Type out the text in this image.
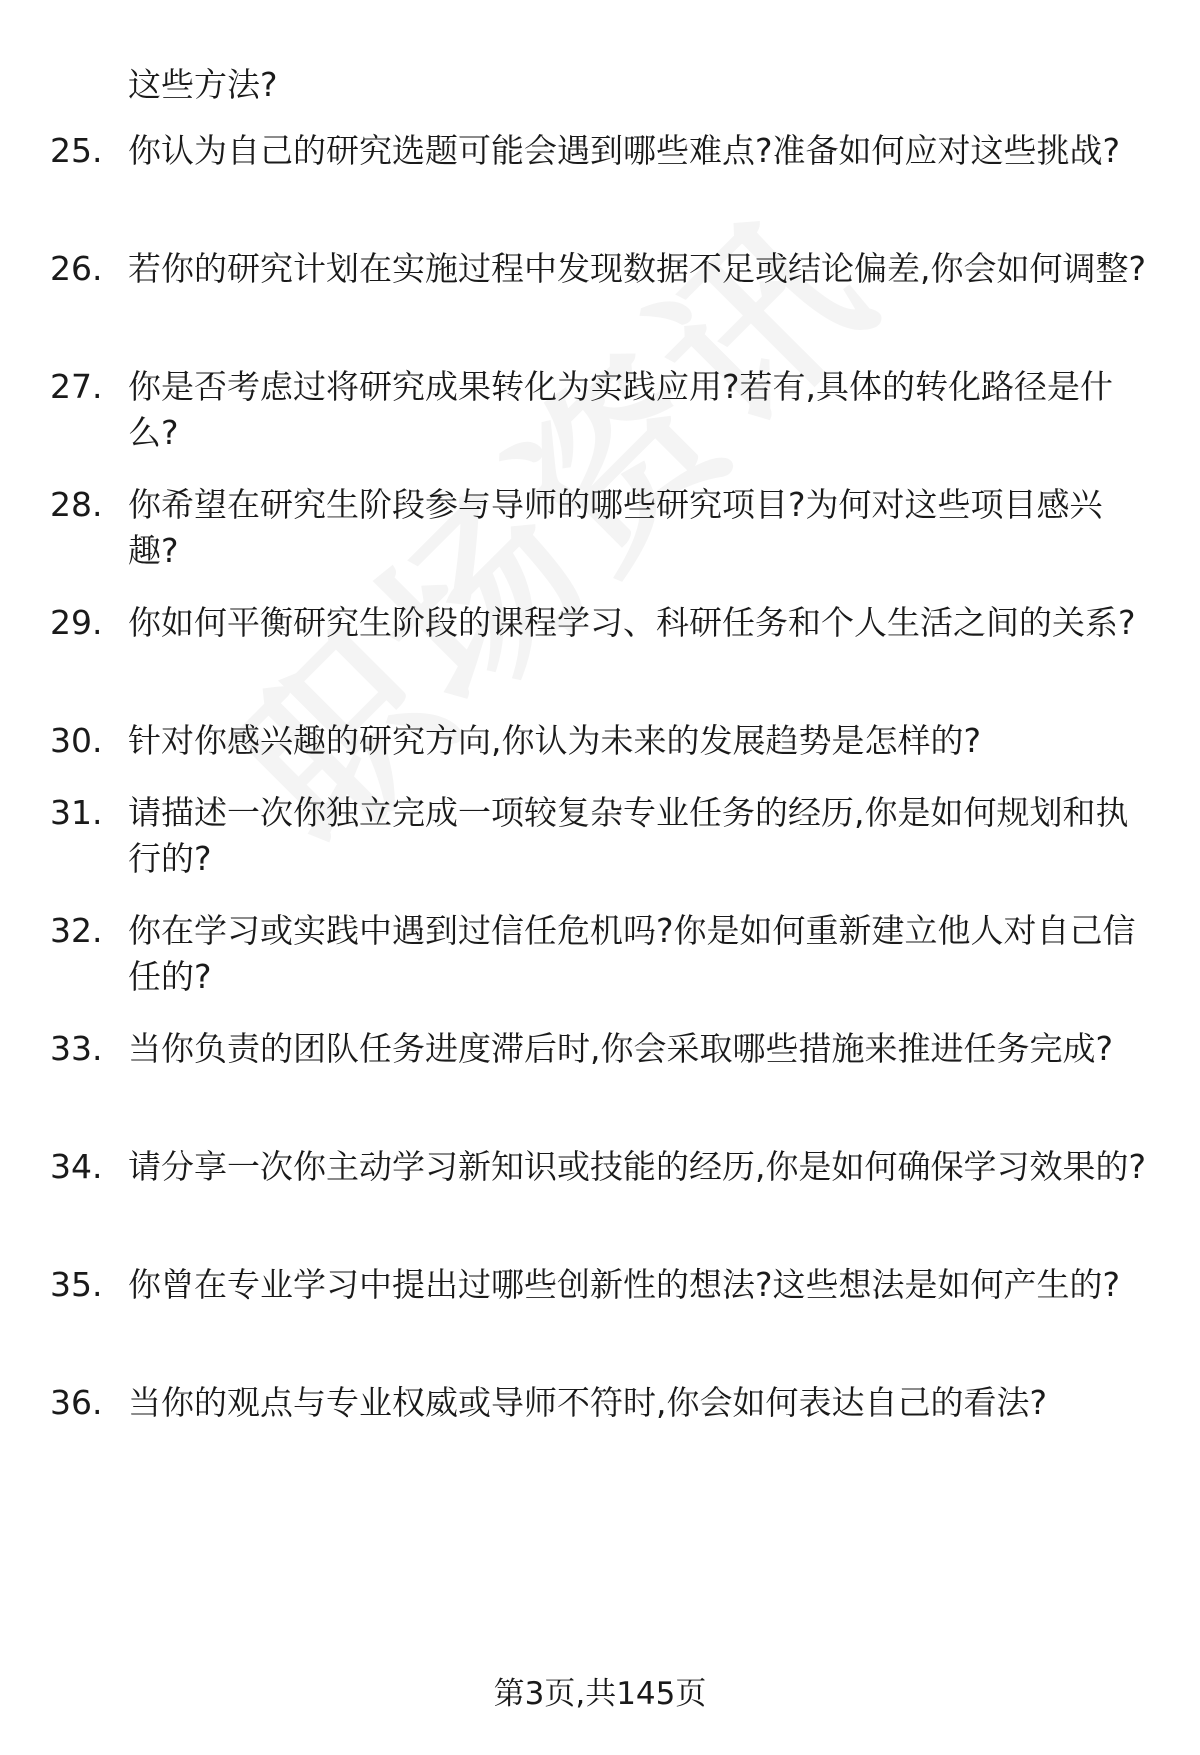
这些方法?
25. 你认为自己的研究选题可能会遇到哪些难点?准备如何应对这些挑战?
26. 若你的研究计划在实施过程中发现数据不足或结论偏差,你会如何调整?
27. 你是否考虑过将研究成果转化为实践应用?若有,具体的转化路径是什么?
28. 你希望在研究生阶段参与导师的哪些研究项目?为何对这些项目感兴趣?
29. 你如何平衡研究生阶段的课程学习、科研任务和个人生活之间的关系?
30. 针对你感兴趣的研究方向,你认为未来的发展趋势是怎样的?
31. 请描述一次你独立完成一项较复杂专业任务的经历,你是如何规划和执行的?
32. 你在学习或实践中遇到过信任危机吗?你是如何重新建立他人对自己信任的?
33. 当你负责的团队任务进度滞后时,你会采取哪些措施来推进任务完成?
34. 请分享一次你主动学习新知识或技能的经历,你是如何确保学习效果的?
35. 你曾在专业学习中提出过哪些创新性的想法?这些想法是如何产生的?
36. 当你的观点与专业权威或导师不符时,你会如何表达自己的看法?
第3页,共145页
